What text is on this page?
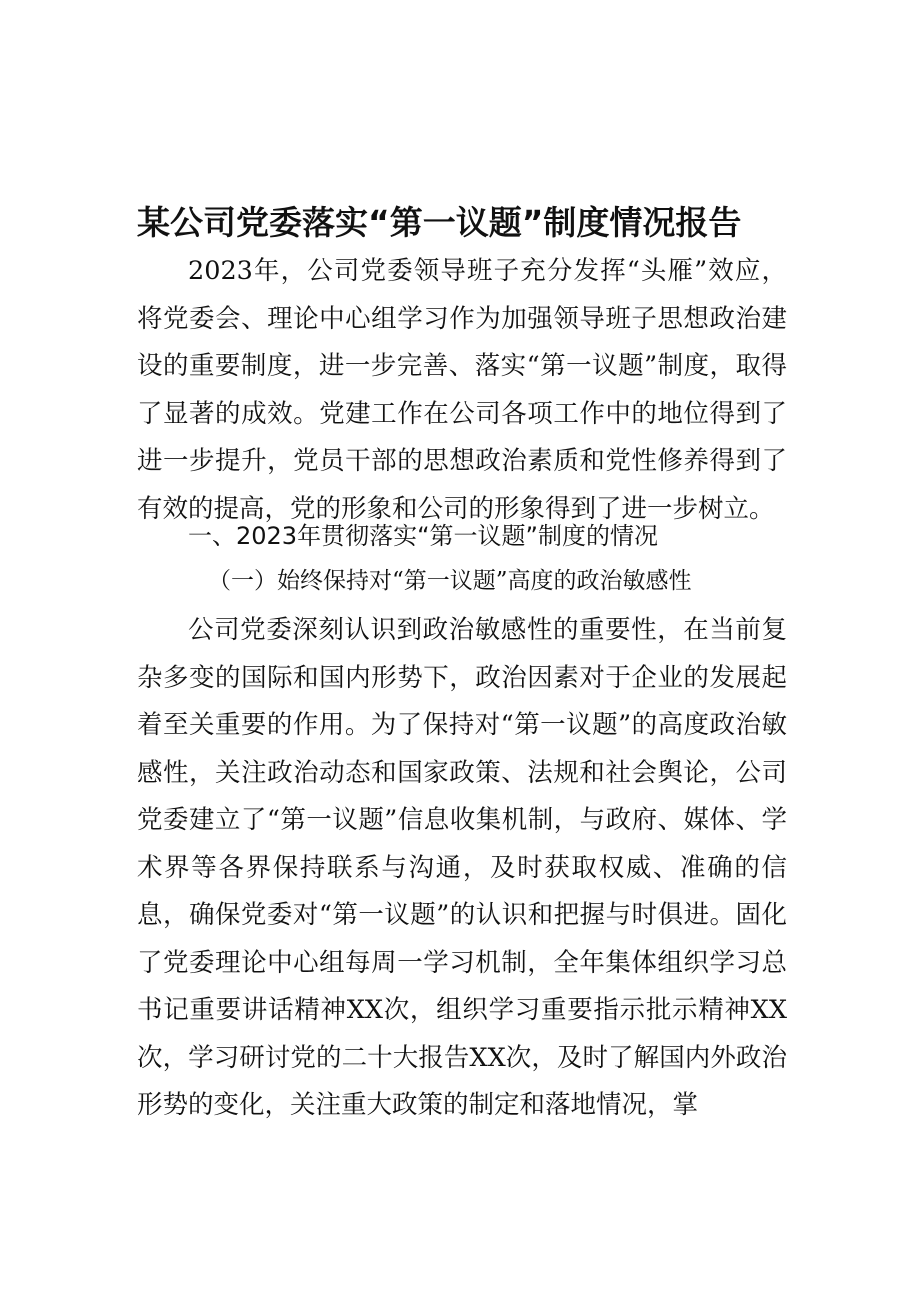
某公司党委落实“第一议题”制度情况报告

2023年，公司党委领导班子充分发挥“头雁”效应，将党委会、理论中心组学习作为加强领导班子思想政治建设的重要制度，进一步完善、落实“第一议题”制度，取得了显著的成效。党建工作在公司各项工作中的地位得到了进一步提升，党员干部的思想政治素质和党性修养得到了有效的提高，党的形象和公司的形象得到了进一步树立。

一、2023年贯彻落实“第一议题”制度的情况
（一）始终保持对“第一议题”高度的政治敏感性

公司党委深刻认识到政治敏感性的重要性，在当前复杂多变的国际和国内形势下，政治因素对于企业的发展起着至关重要的作用。为了保持对“第一议题”的高度政治敏感性，关注政治动态和国家政策、法规和社会舆论，公司党委建立了“第一议题”信息收集机制，与政府、媒体、学术界等各界保持联系与沟通，及时获取权威、准确的信息，确保党委对“第一议题”的认识和把握与时俱进。固化了党委理论中心组每周一学习机制，全年集体组织学习总书记重要讲话精神XX次，组织学习重要指示批示精神XX次，学习研讨党的二十大报告XX次，及时了解国内外政治形势的变化，关注重大政策的制定和落地情况，掌
